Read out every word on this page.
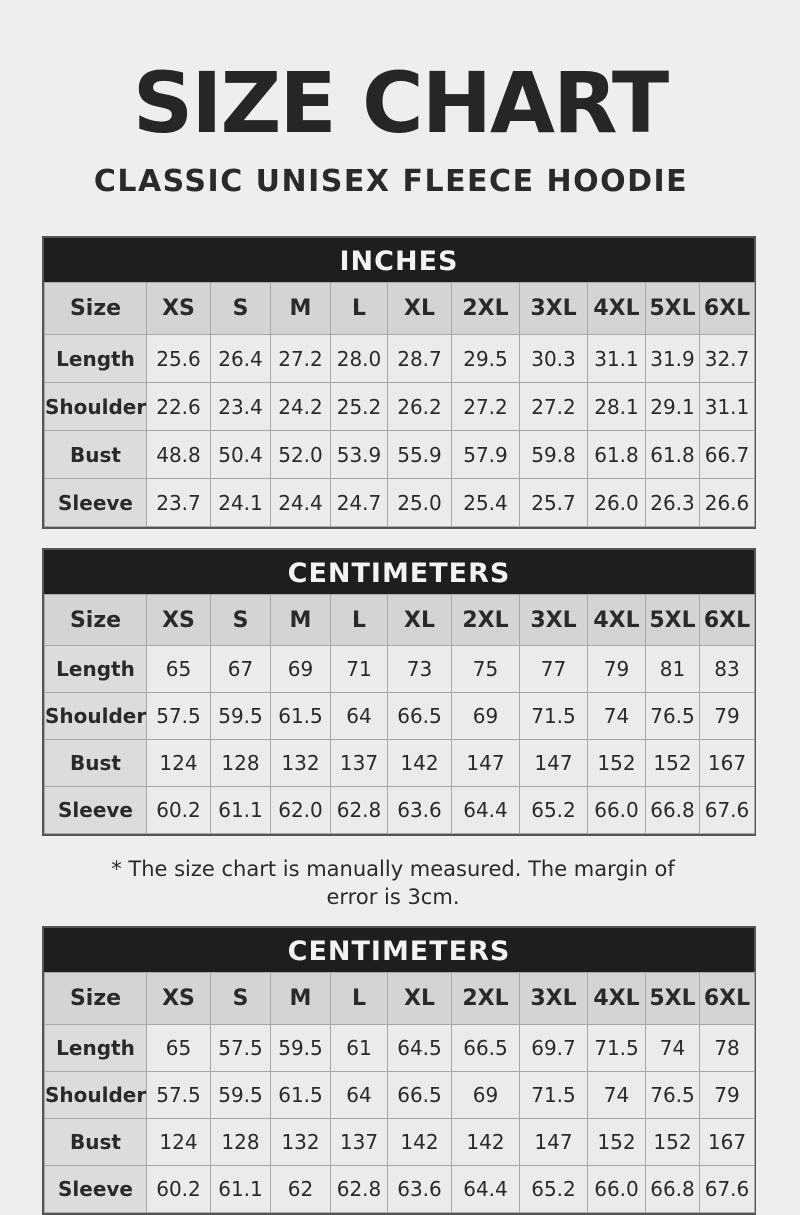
SIZE CHART
CLASSIC UNISEX FLEECE HOODIE
INCHES
Size	XS	S	M	L	XL	2XL	3XL	4XL	5XL	6XL
Length	25.6	26.4	27.2	28.0	28.7	29.5	30.3	31.1	31.9	32.7
Shoulder	22.6	23.4	24.2	25.2	26.2	27.2	27.2	28.1	29.1	31.1
Bust	48.8	50.4	52.0	53.9	55.9	57.9	59.8	61.8	61.8	66.7
Sleeve	23.7	24.1	24.4	24.7	25.0	25.4	25.7	26.0	26.3	26.6
CENTIMETERS
Size	XS	S	M	L	XL	2XL	3XL	4XL	5XL	6XL
Length	65	67	69	71	73	75	77	79	81	83
Shoulder	57.5	59.5	61.5	64	66.5	69	71.5	74	76.5	79
Bust	124	128	132	137	142	147	147	152	152	167
Sleeve	60.2	61.1	62.0	62.8	63.6	64.4	65.2	66.0	66.8	67.6
* The size chart is manually measured. The margin of
error is 3cm.
CENTIMETERS
Size	XS	S	M	L	XL	2XL	3XL	4XL	5XL	6XL
Length	65	57.5	59.5	61	64.5	66.5	69.7	71.5	74	78
Shoulder	57.5	59.5	61.5	64	66.5	69	71.5	74	76.5	79
Bust	124	128	132	137	142	142	147	152	152	167
Sleeve	60.2	61.1	62	62.8	63.6	64.4	65.2	66.0	66.8	67.6
